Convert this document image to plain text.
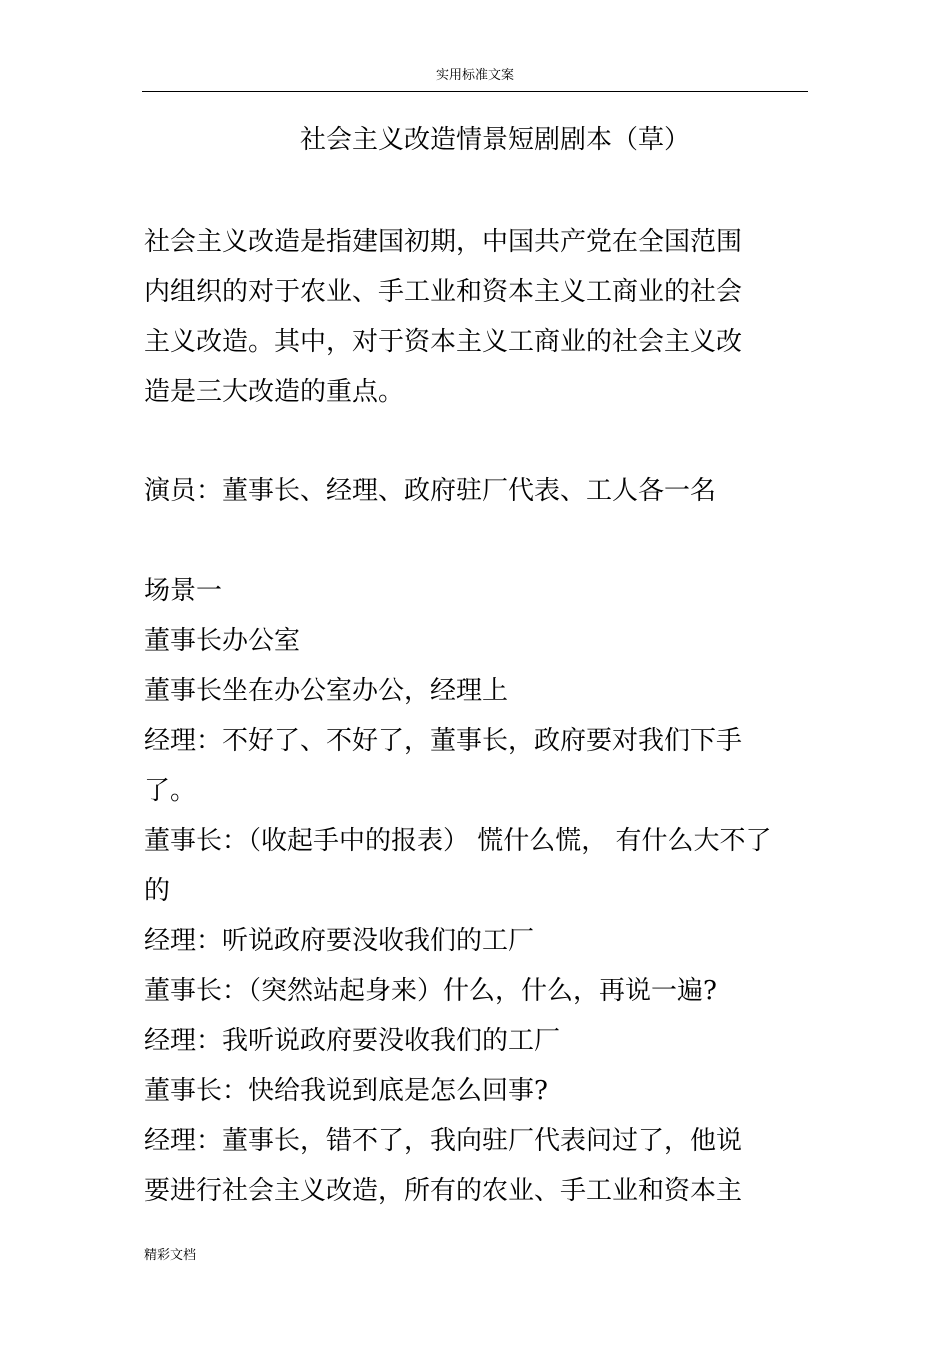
实用标准文案
社会主义改造情景短剧剧本（草）

社会主义改造是指建国初期，中国共产党在全国范围
内组织的对于农业、手工业和资本主义工商业的社会
主义改造。其中，对于资本主义工商业的社会主义改
造是三大改造的重点。

演员：董事长、经理、政府驻厂代表、工人各一名

场景一
董事长办公室

董事长坐在办公室办公，经理上
经理：不好了、不好了，董事长，政府要对我们下手
了。
董事长：（收起手中的报表） 慌什么慌， 有什么大不了
的
经理：听说政府要没收我们的工厂
董事长：（突然站起身来）什么，什么，再说一遍?
经理：我听说政府要没收我们的工厂
董事长：快给我说到底是怎么回事?
经理：董事长，错不了，我向驻厂代表问过了，他说
要进行社会主义改造，所有的农业、手工业和资本主

精彩文档
